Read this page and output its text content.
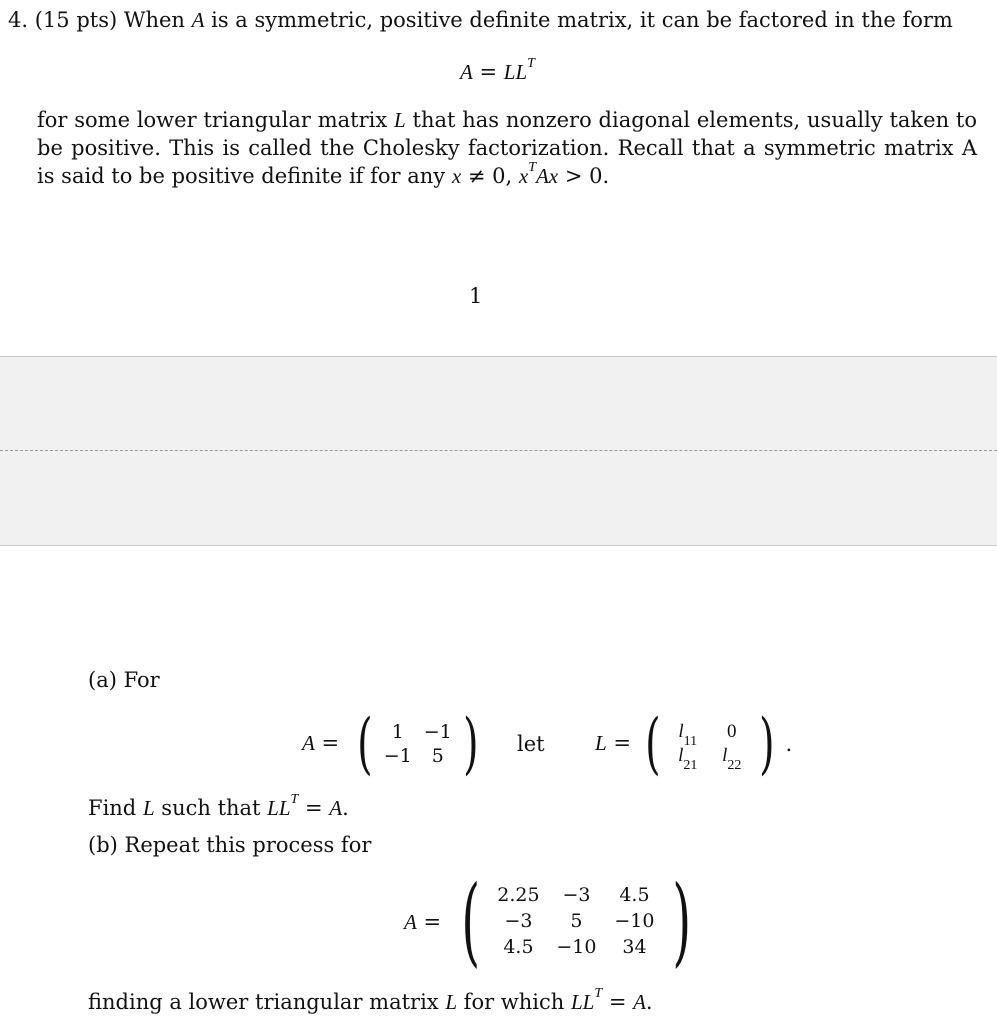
4. (15 pts) When A is a symmetric, positive definite matrix, it can be factored in the form
$A = LL^T$
for some lower triangular matrix L that has nonzero diagonal elements, usually taken to be positive. This is called the Cholesky factorization. Recall that a symmetric matrix A is said to be positive definite if for any x ≠ 0, $x^TAx > 0$.
1
(a) For
A = (	1	−1
−1	5 ) let L = ( $l_{11}$	0
$l_{21}$	$l_{22}$ ) .
Find L such that $LL^T = A$.
(b) Repeat this process for
A = ( 2.25	−3	4.5
−3	5	−10
4.5	−10	34 )
finding a lower triangular matrix L for which $LL^T = A$.
